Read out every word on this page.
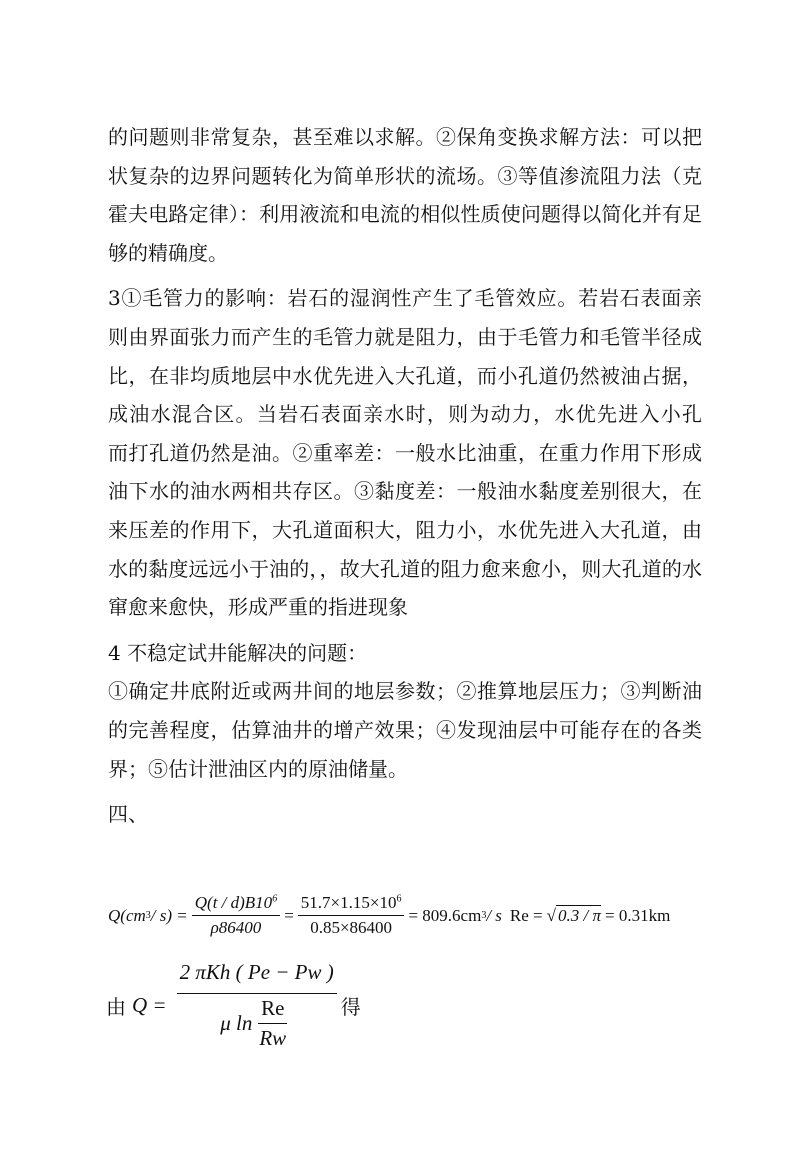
的问题则非常复杂，甚至难以求解。②保角变换求解方法：可以把
状复杂的边界问题转化为简单形状的流场。③等值渗流阻力法（克
霍夫电路定律）：利用液流和电流的相似性质使问题得以简化并有足
够的精确度。
3①毛管力的影响：岩石的湿润性产生了毛管效应。若岩石表面亲
则由界面张力而产生的毛管力就是阻力，由于毛管力和毛管半径成
比，在非均质地层中水优先进入大孔道，而小孔道仍然被油占据，
成油水混合区。当岩石表面亲水时，则为动力，水优先进入小孔
而打孔道仍然是油。②重率差：一般水比油重，在重力作用下形成
油下水的油水两相共存区。③黏度差：一般油水黏度差别很大，在
来压差的作用下，大孔道面积大，阻力小，水优先进入大孔道，由
水的黏度远远小于油的，，故大孔道的阻力愈来愈小，则大孔道的水
窜愈来愈快，形成严重的指进现象
4 不稳定试井能解决的问题：
①确定井底附近或两井间的地层参数；②推算地层压力；③判断油
的完善程度，估算油井的增产效果；④发现油层中可能存在的各类
界；⑤估计泄油区内的原油储量。
四、
Q(cm $3 / s) = \frac{Q(t / d)B10^6}{\rho 86400} = \frac{51.7\times 1.15\times 10^6}{0.85\times 86400} = 809.6cm$ 3 / s Re = √ 0.3 / π = 0.31km
由 $Q = \frac{\text{2 πKh ( Pe − Pw )}}{\mu \ln \frac{Re}{Rw}}$ 得
